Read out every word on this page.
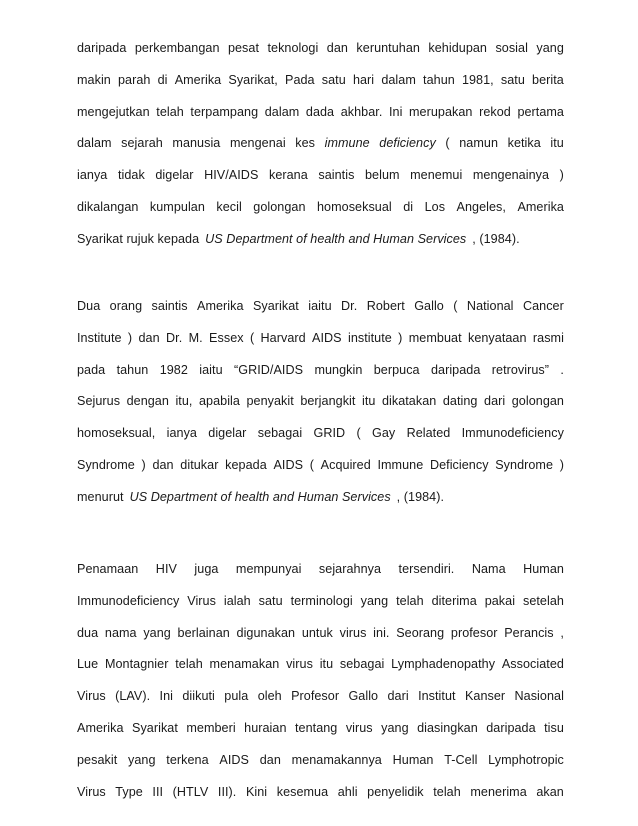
daripada perkembangan pesat teknologi dan keruntuhan kehidupan sosial yang
makin parah di Amerika Syarikat, Pada satu hari dalam tahun 1981, satu berita
mengejutkan telah terpampang dalam dada akhbar. Ini merupakan rekod pertama
dalam sejarah manusia mengenai kes immune deficiency ( namun ketika itu
ianya tidak digelar HIV/AIDS kerana saintis belum menemui mengenainya )
dikalangan kumpulan kecil golongan homoseksual di Los Angeles, Amerika
Syarikat rujuk kepada US Department of health and Human Services , (1984).
Dua orang saintis Amerika Syarikat iaitu Dr. Robert Gallo ( National Cancer
Institute ) dan Dr. M. Essex ( Harvard AIDS institute ) membuat kenyataan rasmi
pada tahun 1982 iaitu “GRID/AIDS mungkin berpuca daripada retrovirus” .
Sejurus dengan itu, apabila penyakit berjangkit itu dikatakan dating dari golongan
homoseksual, ianya digelar sebagai GRID ( Gay Related Immunodeficiency
Syndrome ) dan ditukar kepada AIDS ( Acquired Immune Deficiency Syndrome )
menurut US Department of health and Human Services , (1984).
Penamaan HIV juga mempunyai sejarahnya tersendiri. Nama Human
Immunodeficiency Virus ialah satu terminologi yang telah diterima pakai setelah
dua nama yang berlainan digunakan untuk virus ini. Seorang profesor Perancis ,
Lue Montagnier telah menamakan virus itu sebagai Lymphadenopathy Associated
Virus (LAV). Ini diikuti pula oleh Profesor Gallo dari Institut Kanser Nasional
Amerika Syarikat memberi huraian tentang virus yang diasingkan daripada tisu
pesakit yang terkena AIDS dan menamakannya Human T-Cell Lymphotropic
Virus Type III (HTLV III). Kini kesemua ahli penyelidik telah menerima akan
